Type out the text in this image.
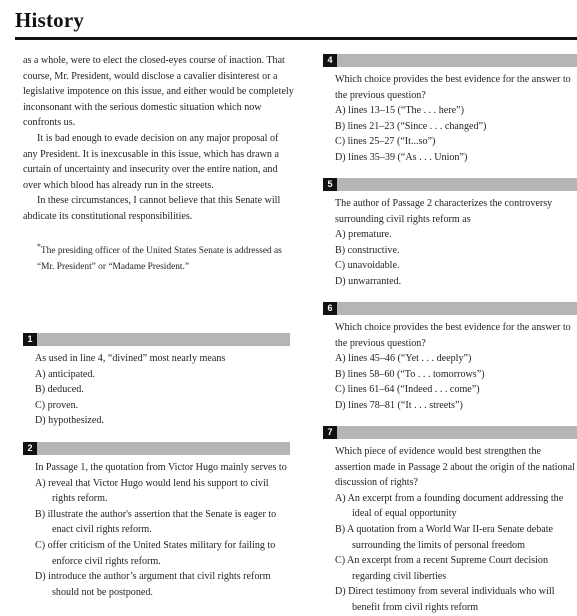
History

as a whole, were to elect the closed-eyes course of inaction. That course, Mr. President, would disclose a cavalier disinterest or a legislative impotence on this issue, and either would be completely inconsonant with the serious domestic situation which now confronts us.

It is bad enough to evade decision on any major proposal of any President. It is inexcusable in this issue, which has drawn a curtain of uncertainty and insecurity over the entire nation, and over which blood has already run in the streets.

In these circumstances, I cannot believe that this Senate will abdicate its constitutional responsibilities.

*The presiding officer of the United States Senate is addressed as “Mr. President” or “Madame President.”
1
As used in line 4, “divined” most nearly means
A) anticipated.
B) deduced.
C) proven.
D) hypothesized.
2
In Passage 1, the quotation from Victor Hugo mainly serves to
A) reveal that Victor Hugo would lend his support to civil rights reform.
B) illustrate the author's assertion that the Senate is eager to enact civil rights reform.
C) offer criticism of the United States military for failing to enforce civil rights reform.
D) introduce the author’s argument that civil rights reform should not be postponed.
4
Which choice provides the best evidence for the answer to the previous question?
A) lines 13–15 (“The . . . here”)
B) lines 21–23 (“Since . . . changed”)
C) lines 25–27 (“It...so”)
D) lines 35–39 (“As . . . Union”)
5
The author of Passage 2 characterizes the controversy surrounding civil rights reform as
A) premature.
B) constructive.
C) unavoidable.
D) unwarranted.
6
Which choice provides the best evidence for the answer to the previous question?
A) lines 45–46 (“Yet . . . deeply”)
B) lines 58–60 (“To . . . tomorrows”)
C) lines 61–64 (“Indeed . . . come”)
D) lines 78–81 (“It . . . streets”)
7
Which piece of evidence would best strengthen the assertion made in Passage 2 about the origin of the national discussion of rights?
A) An excerpt from a founding document addressing the ideal of equal opportunity
B) A quotation from a World War II-era Senate debate surrounding the limits of personal freedom
C) An excerpt from a recent Supreme Court decision regarding civil liberties
D) Direct testimony from several individuals who will benefit from civil rights reform
